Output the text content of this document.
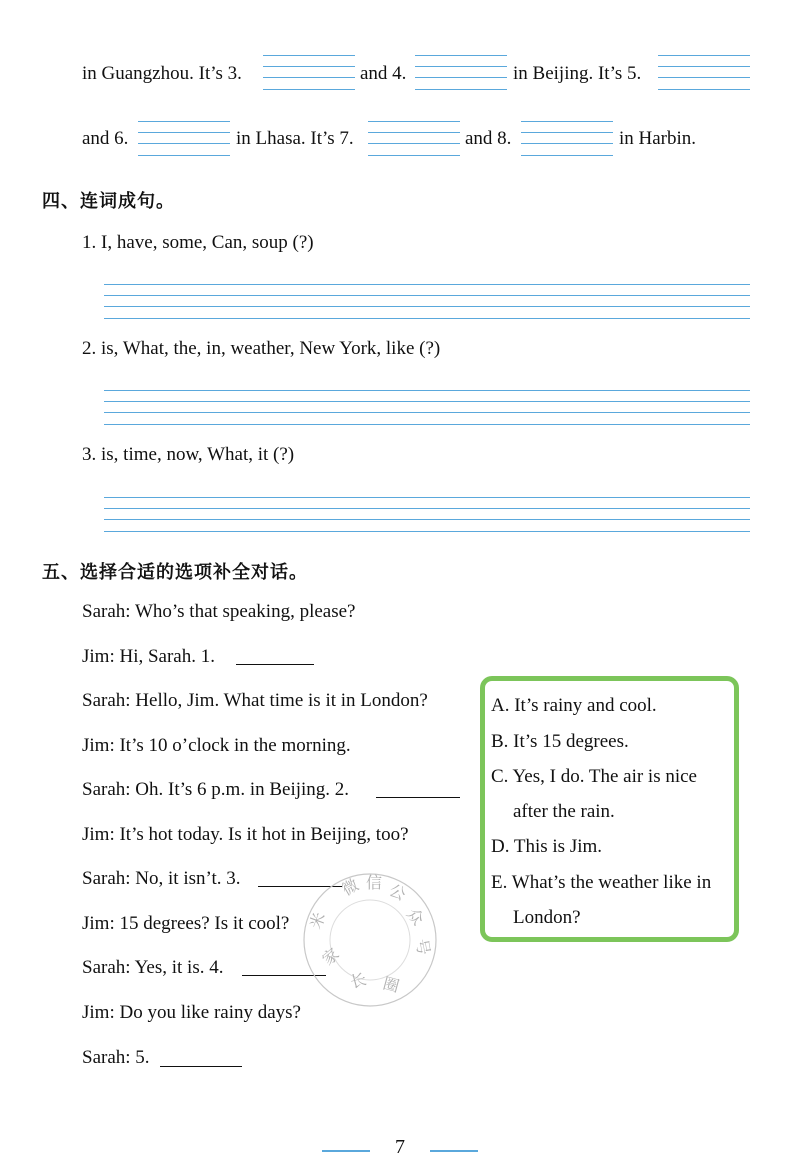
in Guangzhou. It’s 3.	and 4.	in Beijing. It’s 5.
and 6.	in Lhasa. It’s 7.	and 8.	in Harbin.
四、连词成句。
1. I, have, some, Can, soup (?)
2. is, What, the, in, weather, New York, like (?)
3. is, time, now, What, it (?)
五、选择合适的选项补全对话。
Sarah: Who’s that speaking, please?
Jim: Hi, Sarah. 1.
Sarah: Hello, Jim. What time is it in London?
Jim: It’s 10 o’clock in the morning.
Sarah: Oh. It’s 6 p.m. in Beijing. 2.
Jim: It’s hot today. Is it hot in Beijing, too?
Sarah: No, it isn’t. 3.
Jim: 15 degrees? Is it cool?
Sarah: Yes, it is. 4.
Jim: Do you like rainy days?
Sarah: 5.
A. It’s rainy and cool.
B. It’s 15 degrees.
C. Yes, I do. The air is nice
after the rain.
D. This is Jim.
E. What’s the weather like in
London?
微 信 公
众
号
米
家
长 圈
7
